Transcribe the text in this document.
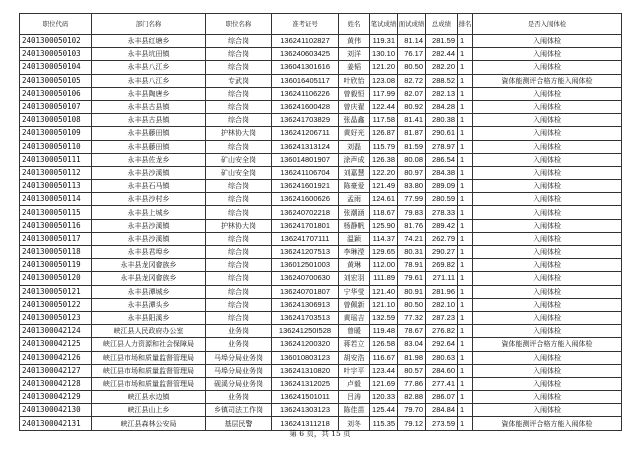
职位代码	部门名称	职位名称	准考证号	姓名	笔试成绩	面试成绩	总成绩	排名	是否入闱体检
2401300050102	永丰县红塘乡	综合岗	136241102827	黄伟	119.31	81.14	281.59	1	入闱体检
2401300050103	永丰县坑田镇	综合岗	136240603425	刘洋	130.10	76.17	282.44	1	入闱体检
2401300050104	永丰县八江乡	综合岗	136041301616	姜韬	121.20	80.50	282.20	1	入闱体检
2401300050105	永丰县八江乡	专武岗	136016405117	叶欣怡	123.08	82.72	288.52	1	資体能测评合格方能入闱体检
2401300050106	永丰县陶唐乡	综合岗	136241106226	曾毅恒	117.99	82.07	282.13	1	入闱体检
2401300050107	永丰县古县镇	综合岗	136241600428	曾庆翟	122.44	80.92	284.28	1	入闱体检
2401300050108	永丰县古县镇	综合岗	136241703829	张晶鑫	117.58	81.41	280.38	1	入闱体检
2401300050109	永丰县藤田镇	护林协大岗	136241206711	黄好光	126.87	81.87	290.61	1	入闱体检
2401300050110	永丰县藤田镇	综合岗	136241313124	刘磊	115.79	81.59	278.97	1	入闱体检
2401300050111	永丰县佐龙乡	矿山安全岗	136014801907	涂声成	126.38	80.08	286.54	1	入闱体检
2401300050112	永丰县沙溪镇	矿山安全岗	136241106704	刘嘉慧	122.20	80.97	284.38	1	入闱体检
2401300050113	永丰县石马镇	综合岗	136241601921	陈豪爱	121.49	83.80	289.09	1	入闱体检
2401300050114	永丰县沙村乡	综合岗	136241600626	孟雨	124.61	77.99	280.59	1	入闱体检
2401300050115	永丰县上城乡	综合岗	136240702218	张潮涵	118.67	79.83	278.33	1	入闱体检
2401300050116	永丰县沙溪镇	护林协大岗	136241701801	杨静帆	125.90	81.76	289.42	1	入闱体检
2401300050117	永丰县沙溪镇	综合岗	136241707111	温颖	114.37	74.21	262.79	1	入闱体检
2401300050118	永丰县君埠乡	综合岗	136241207513	李琳滢	129.65	80.31	290.27	1	入闱体检
2401300050119	永丰县龙冈畲族乡	综合岗	136012501003	黄琳	112.00	78.91	269.82	1	入闱体检
2401300050120	永丰县龙冈畲族乡	综合岗	136240700630	刘宏羽	111.89	79.61	271.11	1	入闱体检
2401300050121	永丰县潭城乡	综合岗	136240701807	宁华莹	121.40	80.91	281.96	1	入闱体检
2401300050122	永丰县潭头乡	综合岗	136241306913	曾佩新	121.10	80.50	282.10	1	入闱体检
2401300050123	永丰县阳溪乡	综合岗	136241703513	黄瑶吉	132.59	77.32	287.23	1	入闱体检
2401300042124	峡江县人民政府办公室	业务岗	136241250I528	曾暖	119.48	78.67	276.82	1	入闱体检
2401300042125	峡江县人力资源和社会保障局	业务岗	136241200320	蒋若立	126.58	83.04	292.64	1	資体能测评合格方能入闱体检
2401300042126	峡江县市场和质量监督管理局	马埠分局业务岗	136010803123	胡安浩	116.67	81.98	280.63	1	入闱体检
2401300042127	峡江县市场和质量监督管理局	马埠分局业务岗	136241310820	叶宇平	123.44	80.57	284.60	1	入闱体检
2401300042128	峡江县市场和质量监督管理局	砚溪分局业务岗	136241312025	卢毅	121.69	77.86	277.41	1	入闱体检
2401300042129	峡江县水边镇	业务岗	136241501011	吕涛	120.33	82.88	286.07	1	入闱体检
2401300042130	峡江县山上乡	乡镇司法工作岗	136241303123	陈佳苗	125.44	79.70	284.84	1	入闱体检
2401300042131	峡江县森林公安局	基层民警	136241311218	刘冬	115.35	79.12	273.59	1	資体能测评合格方能入闱体检
第 6 页，共 15 页
